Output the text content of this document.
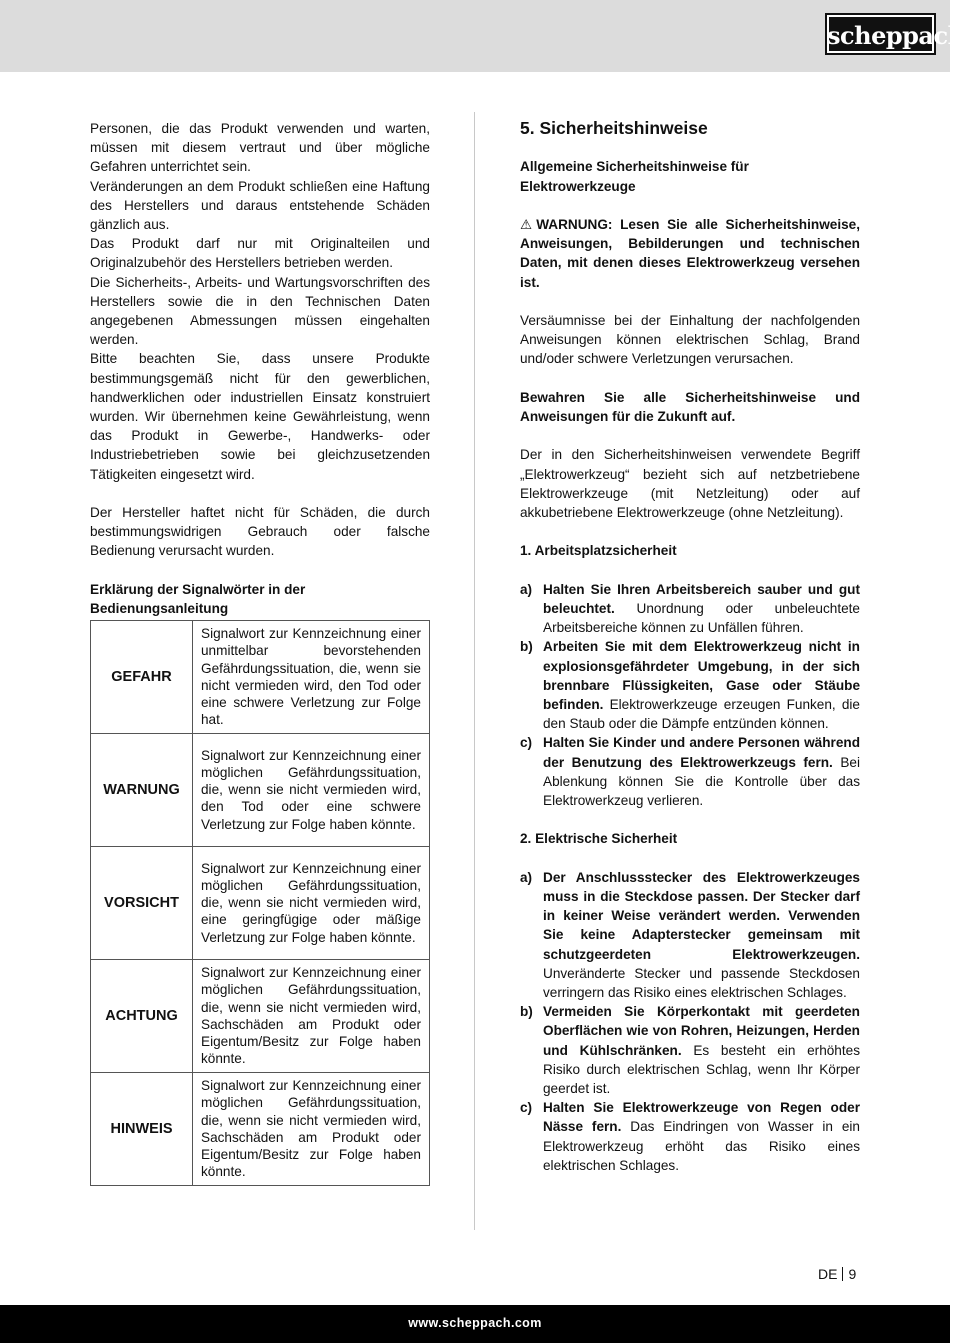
scheppach

Personen, die das Produkt verwenden und warten, müssen mit diesem vertraut und über mögliche Gefahren unterrichtet sein.

Veränderungen an dem Produkt schließen eine Haftung des Herstellers und daraus entstehende Schäden gänzlich aus.

Das Produkt darf nur mit Originalteilen und Originalzubehör des Herstellers betrieben werden.

Die Sicherheits-, Arbeits- und Wartungsvorschriften des Herstellers sowie die in den Technischen Daten angegebenen Abmessungen müssen eingehalten werden.

Bitte beachten Sie, dass unsere Produkte bestimmungsgemäß nicht für den gewerblichen, handwerklichen oder industriellen Einsatz konstruiert wurden. Wir übernehmen keine Gewährleistung, wenn das Produkt in Gewerbe-, Handwerks- oder Industriebetrieben sowie bei gleichzusetzenden Tätigkeiten eingesetzt wird.

Der Hersteller haftet nicht für Schäden, die durch bestimmungswidrigen Gebrauch oder falsche Bedienung verursacht wurden.

Erklärung der Signalwörter in der Bedienungsanleitung

GEFAHR	Signalwort zur Kennzeichnung einer unmittelbar bevorstehenden Gefährdungssituation, die, wenn sie nicht vermieden wird, den Tod oder eine schwere Verletzung zur Folge hat.
WARNUNG	Signalwort zur Kennzeichnung einer möglichen Gefährdungssituation, die, wenn sie nicht vermieden wird, den Tod oder eine schwere Verletzung zur Folge haben könnte.
VORSICHT	Signalwort zur Kennzeichnung einer möglichen Gefährdungssituation, die, wenn sie nicht vermieden wird, eine geringfügige oder mäßige Verletzung zur Folge haben könnte.
ACHTUNG	Signalwort zur Kennzeichnung einer möglichen Gefährdungssituation, die, wenn sie nicht vermieden wird, Sachschäden am Produkt oder Eigentum/Besitz zur Folge haben könnte.
HINWEIS	Signalwort zur Kennzeichnung einer möglichen Gefährdungssituation, die, wenn sie nicht vermieden wird, Sachschäden am Produkt oder Eigentum/Besitz zur Folge haben könnte.
5. Sicherheitshinweise

Allgemeine Sicherheitshinweise für Elektrowerkzeuge

⚠ WARNUNG: Lesen Sie alle Sicherheitshinweise, Anweisungen, Bebilderungen und technischen Daten, mit denen dieses Elektrowerkzeug versehen ist.

Versäumnisse bei der Einhaltung der nachfolgenden Anweisungen können elektrischen Schlag, Brand und/oder schwere Verletzungen verursachen.

Bewahren Sie alle Sicherheitshinweise und Anweisungen für die Zukunft auf.

Der in den Sicherheitshinweisen verwendete Begriff „Elektrowerkzeug“ bezieht sich auf netzbetriebene Elektrowerkzeuge (mit Netzleitung) oder auf akkubetriebene Elektrowerkzeuge (ohne Netzleitung).

1. Arbeitsplatzsicherheit

a) Halten Sie Ihren Arbeitsbereich sauber und gut beleuchtet. Unordnung oder unbeleuchtete Arbeitsbereiche können zu Unfällen führen.
b) Arbeiten Sie mit dem Elektrowerkzeug nicht in explosionsgefährdeter Umgebung, in der sich brennbare Flüssigkeiten, Gase oder Stäube befinden. Elektrowerkzeuge erzeugen Funken, die den Staub oder die Dämpfe entzünden können.
c) Halten Sie Kinder und andere Personen während der Benutzung des Elektrowerkzeugs fern. Bei Ablenkung können Sie die Kontrolle über das Elektrowerkzeug verlieren.

2. Elektrische Sicherheit

a) Der Anschlussstecker des Elektrowerkzeuges muss in die Steckdose passen. Der Stecker darf in keiner Weise verändert werden. Verwenden Sie keine Adapterstecker gemeinsam mit schutzgeerdeten Elektrowerkzeugen. Unveränderte Stecker und passende Steckdosen verringern das Risiko eines elektrischen Schlages.
b) Vermeiden Sie Körperkontakt mit geerdeten Oberflächen wie von Rohren, Heizungen, Herden und Kühlschränken. Es besteht ein erhöhtes Risiko durch elektrischen Schlag, wenn Ihr Körper geerdet ist.
c) Halten Sie Elektrowerkzeuge von Regen oder Nässe fern. Das Eindringen von Wasser in ein Elektrowerkzeug erhöht das Risiko eines elektrischen Schlages.
DE 9
www.scheppach.com
